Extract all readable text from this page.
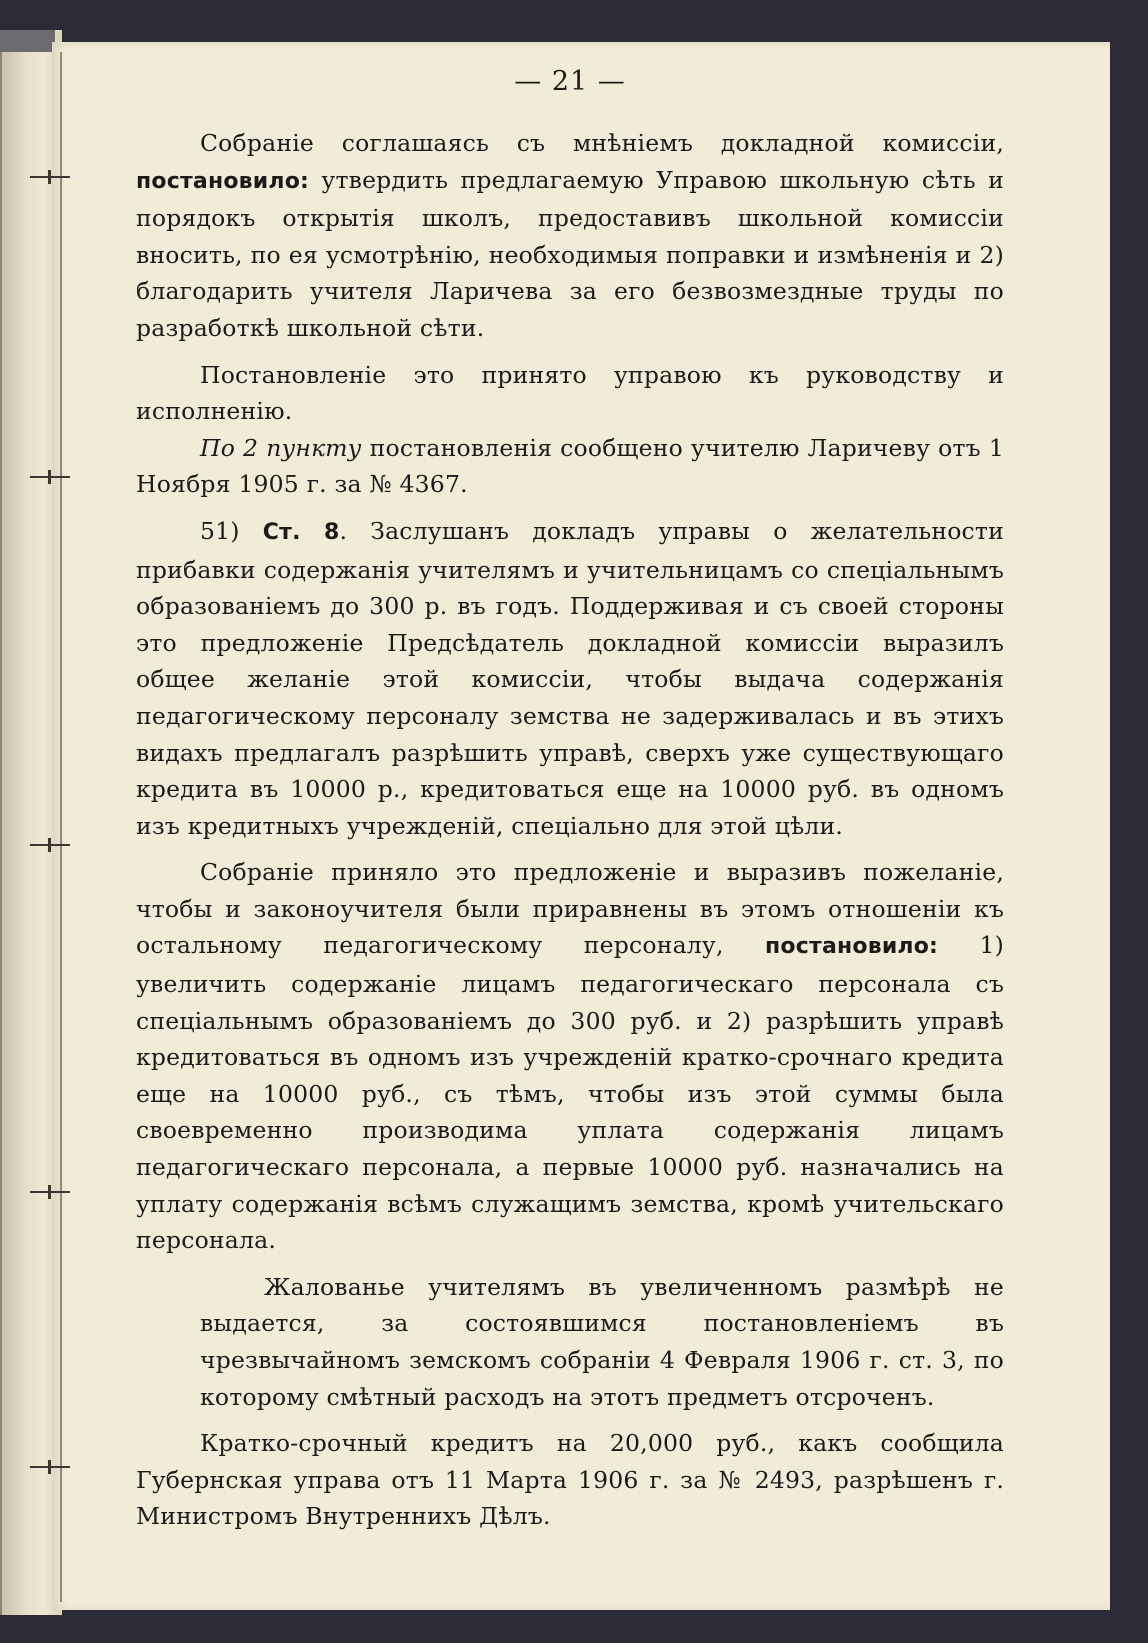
— 21 —

Собраніе соглашаясь съ мнѣніемъ докладной комиссіи, постановило: утвердить предлагаемую Управою школьную сѣть и порядокъ открытія школъ, предоставивъ школьной комиссіи вносить, по ея усмотрѣнію, необходимыя поправки и измѣненія и 2) благодарить учителя Ларичева за его безвозмездные труды по разработкѣ школьной сѣти.

Постановленіе это принято управою къ руководству и исполненію.

По 2 пункту постановленія сообщено учителю Ларичеву отъ 1 Ноября 1905 г. за № 4367.

51) Ст. 8. Заслушанъ докладъ управы о желательности прибавки содержанія учителямъ и учительницамъ со спеціальнымъ образованіемъ до 300 р. въ годъ. Поддерживая и съ своей стороны это предложеніе Предсѣдатель докладной комиссіи выразилъ общее желаніе этой комиссіи, чтобы выдача содержанія педагогическому персоналу земства не задерживалась и въ этихъ видахъ предлагалъ разрѣшить управѣ, сверхъ уже существующаго кредита въ 10000 р., кредитоваться еще на 10000 руб. въ одномъ изъ кредитныхъ учрежденій, спеціально для этой цѣли.

Собраніе приняло это предложеніе и выразивъ пожеланіе, чтобы и законоучителя были приравнены въ этомъ отношеніи къ остальному педагогическому персоналу, постановило: 1) увеличить содержаніе лицамъ педагогическаго персонала съ спеціальнымъ образованіемъ до 300 руб. и 2) разрѣшить управѣ кредитоваться въ одномъ изъ учрежденій кратко-срочнаго кредита еще на 10000 руб., съ тѣмъ, чтобы изъ этой суммы была своевременно производима уплата содержанія лицамъ педагогическаго персонала, а первые 10000 руб. назначались на уплату содержанія всѣмъ служащимъ земства, кромѣ учительскаго персонала.

Жалованье учителямъ въ увеличенномъ размѣрѣ не выдается, за состоявшимся постановленіемъ въ чрезвычайномъ земскомъ собраніи 4 Февраля 1906 г. ст. 3, по которому смѣтный расходъ на этотъ предметъ отсроченъ.

Кратко-срочный кредитъ на 20,000 руб., какъ сообщила Губернская управа отъ 11 Марта 1906 г. за № 2493, разрѣшенъ г. Министромъ Внутреннихъ Дѣлъ.
